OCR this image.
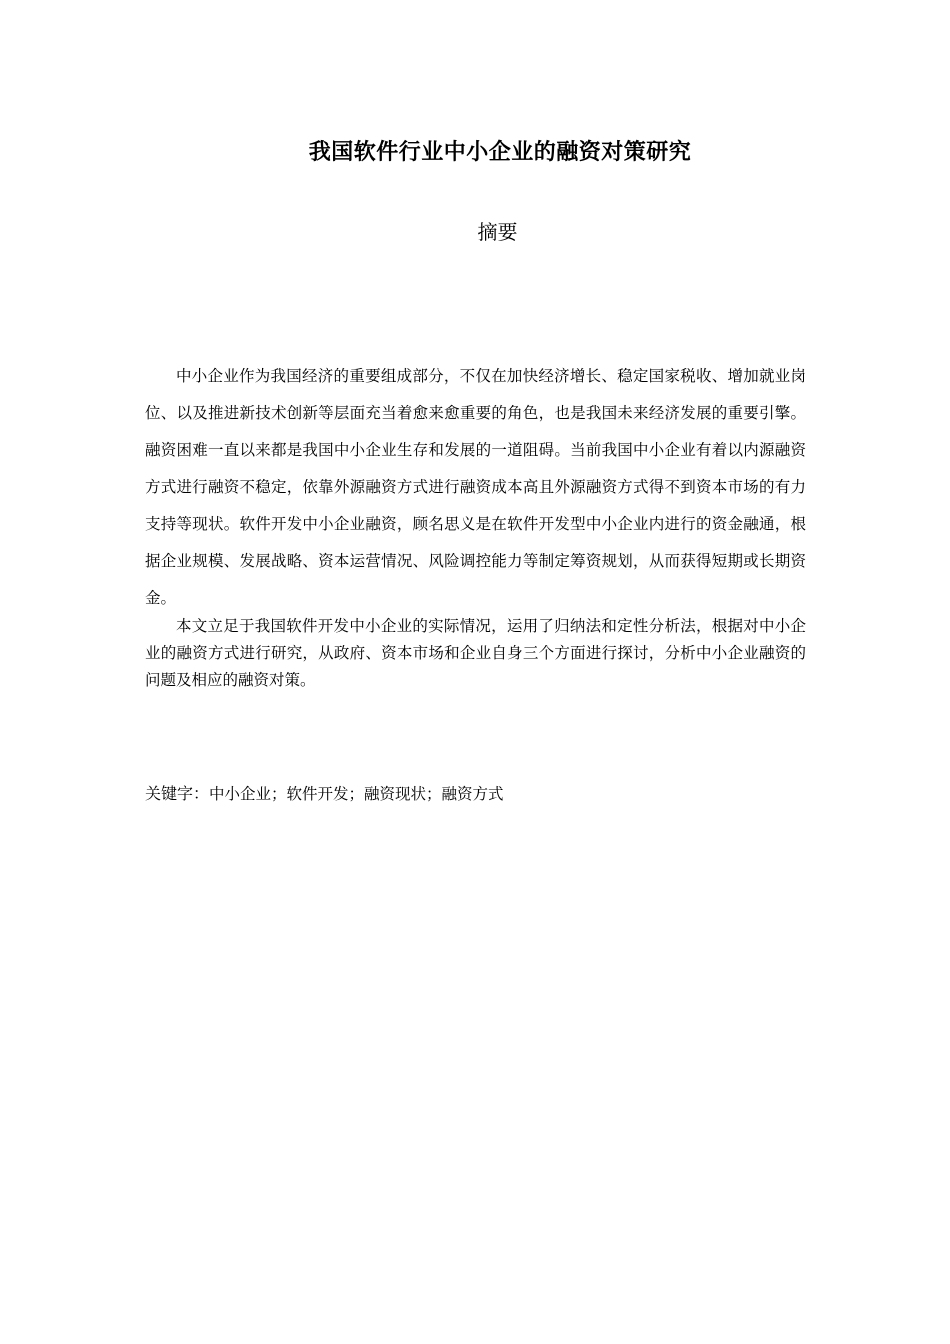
我国软件行业中小企业的融资对策研究
摘要

中小企业作为我国经济的重要组成部分，不仅在加快经济增长、稳定国家税收、增加就业岗位、以及推进新技术创新等层面充当着愈来愈重要的角色，也是我国未来经济发展的重要引擎。融资困难一直以来都是我国中小企业生存和发展的一道阻碍。当前我国中小企业有着以内源融资方式进行融资不稳定，依靠外源融资方式进行融资成本高且外源融资方式得不到资本市场的有力支持等现状。软件开发中小企业融资，顾名思义是在软件开发型中小企业内进行的资金融通，根据企业规模、发展战略、资本运营情况、风险调控能力等制定筹资规划，从而获得短期或长期资金。

本文立足于我国软件开发中小企业的实际情况，运用了归纳法和定性分析法，根据对中小企业的融资方式进行研究，从政府、资本市场和企业自身三个方面进行探讨，分析中小企业融资的问题及相应的融资对策。

关键字：中小企业；软件开发；融资现状；融资方式
